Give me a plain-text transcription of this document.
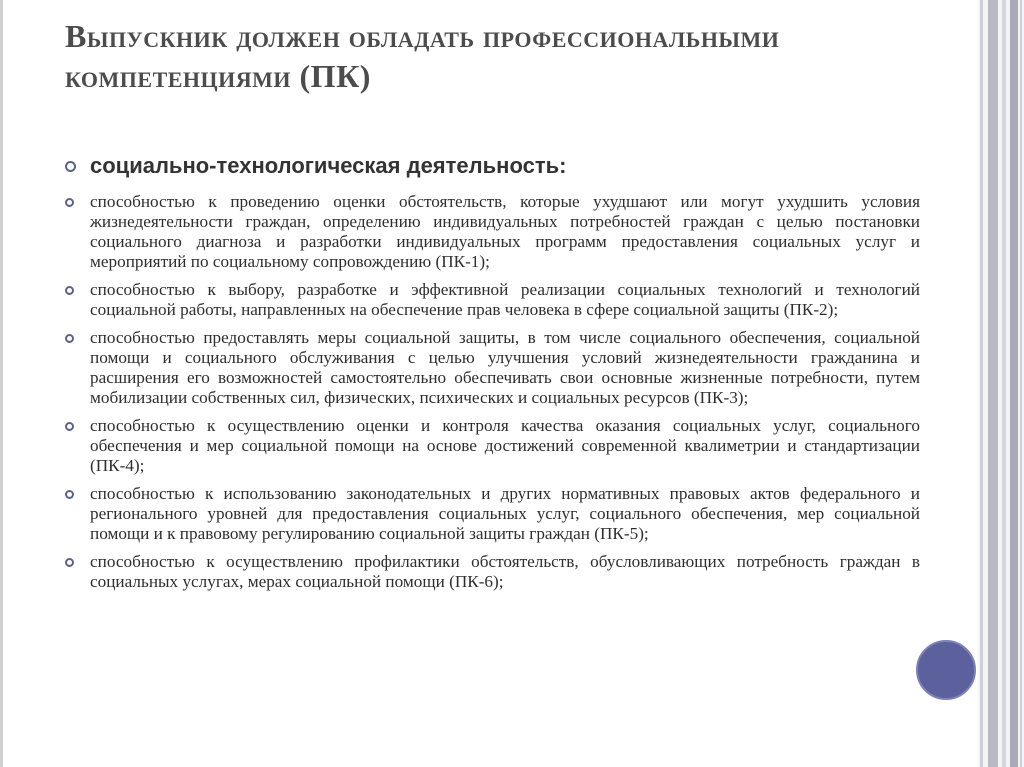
Выпускник должен обладать профессиональными компетенциями (ПК)
социально-технологическая деятельность:
способностью к проведению оценки обстоятельств, которые ухудшают или могут ухудшить условия жизнедеятельности граждан, определению индивидуальных потребностей граждан с целью постановки социального диагноза и разработки индивидуальных программ предоставления социальных услуг и мероприятий по социальному сопровождению (ПК-1);
способностью к выбору, разработке и эффективной реализации социальных технологий и технологий социальной работы, направленных на обеспечение прав человека в сфере социальной защиты (ПК-2);
способностью предоставлять меры социальной защиты, в том числе социального обеспечения, социальной помощи и социального обслуживания с целью улучшения условий жизнедеятельности гражданина и расширения его возможностей самостоятельно обеспечивать свои основные жизненные потребности, путем мобилизации собственных сил, физических, психических и социальных ресурсов (ПК-3);
способностью к осуществлению оценки и контроля качества оказания социальных услуг, социального обеспечения и мер социальной помощи на основе достижений современной квалиметрии и стандартизации (ПК-4);
способностью к использованию законодательных и других нормативных правовых актов федерального и регионального уровней для предоставления социальных услуг, социального обеспечения, мер социальной помощи и к правовому регулированию социальной защиты граждан (ПК-5);
способностью к осуществлению профилактики обстоятельств, обусловливающих потребность граждан в социальных услугах, мерах социальной помощи (ПК-6);
